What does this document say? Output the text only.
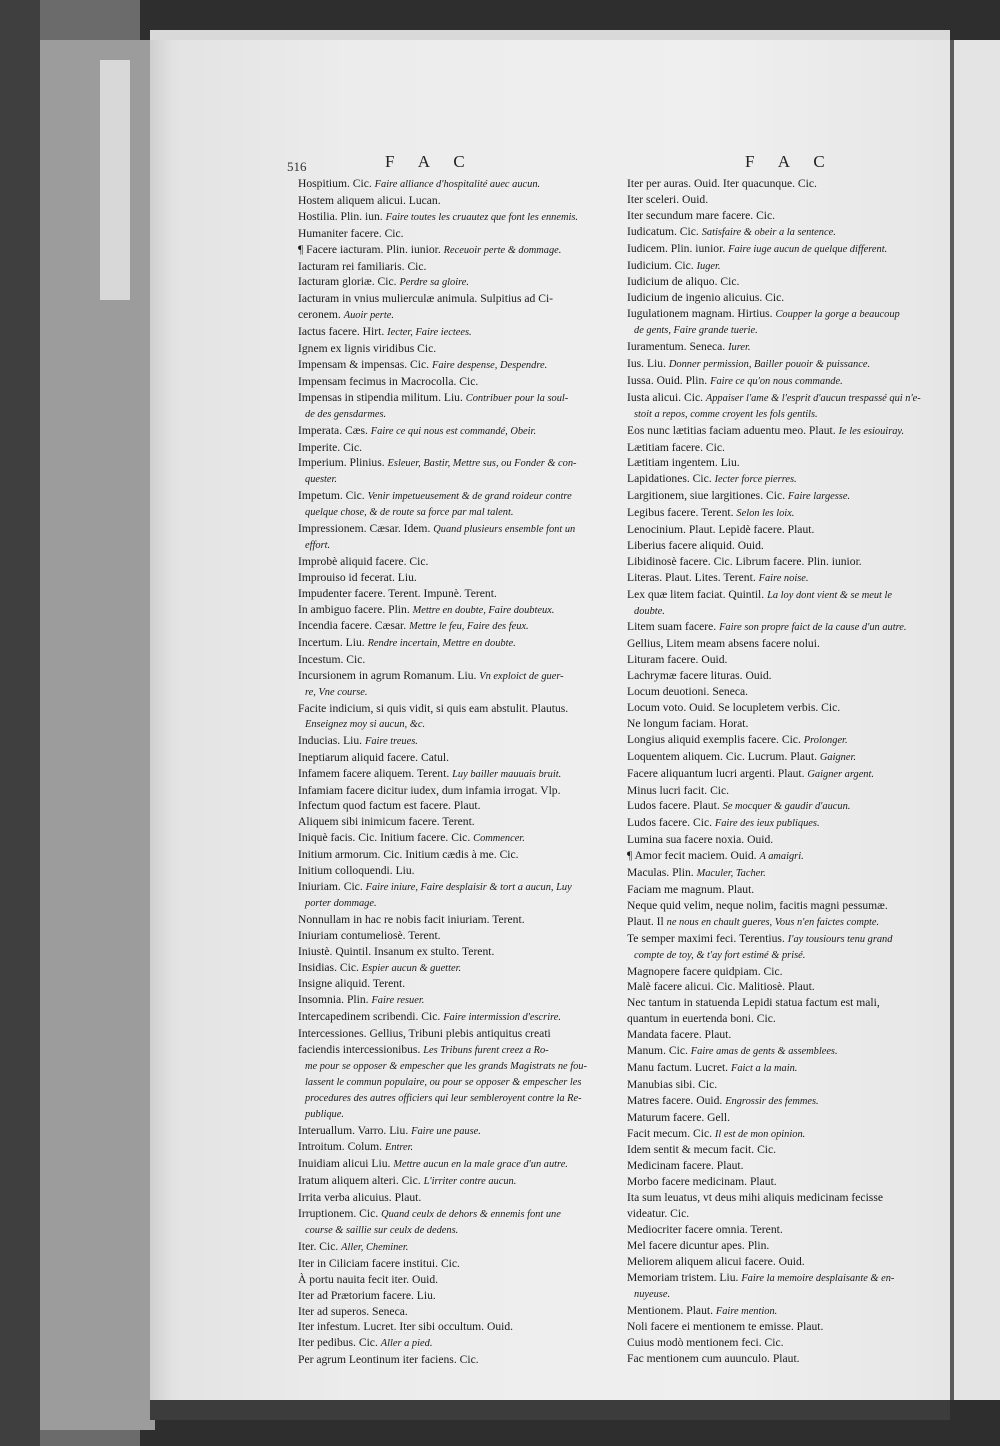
516	F A C	F A C
Hospitium. Cic. Faire alliance d'hospitalité auec aucun.
Hostem aliquem alicui. Lucan.
Hostilia. Plin. iun. Faire toutes les cruautez que font les ennemis.
Humaniter facere. Cic.
¶ Facere iacturam. Plin. iunior. Receuoir perte & dommage.
Iacturam rei familiaris. Cic.
Iacturam gloriæ. Cic. Perdre sa gloire.
Iacturam in vnius mulierculæ animula. Sulpitius ad Ci-
ceronem. Auoir perte.
Iactus facere. Hirt. Iecter, Faire iectees.
Ignem ex lignis viridibus Cic.
Impensam & impensas. Cic. Faire despense, Despendre.
Impensam fecimus in Macrocolla. Cic.
Impensas in stipendia militum. Liu. Contribuer pour la soul-
de des gensdarmes.
Imperata. Cæs. Faire ce qui nous est commandé, Obeir.
Imperite. Cic.
Imperium. Plinius. Esleuer, Bastir, Mettre sus, ou Fonder & con-
quester.
Impetum. Cic. Venir impetueusement & de grand roideur contre
quelque chose, & de route sa force par mal talent.
Impressionem. Cæsar. Idem. Quand plusieurs ensemble font un
effort.
Improbè aliquid facere. Cic.
Improuiso id fecerat. Liu.
Impudenter facere. Terent. Impunè. Terent.
In ambiguo facere. Plin. Mettre en doubte, Faire doubteux.
Incendia facere. Cæsar. Mettre le feu, Faire des feux.
Incertum. Liu. Rendre incertain, Mettre en doubte.
Incestum. Cic.
Incursionem in agrum Romanum. Liu. Vn exploict de guer-
re, Vne course.
Facite indicium, si quis vidit, si quis eam abstulit. Plautus.
Enseignez moy si aucun, &c.
Inducias. Liu. Faire treues.
Ineptiarum aliquid facere. Catul.
Infamem facere aliquem. Terent. Luy bailler mauuais bruit.
Infamiam facere dicitur iudex, dum infamia irrogat. Vlp.
Infectum quod factum est facere. Plaut.
Aliquem sibi inimicum facere. Terent.
Iniquè facis. Cic. Initium facere. Cic. Commencer.
Initium armorum. Cic. Initium cædis à me. Cic.
Initium colloquendi. Liu.
Iniuriam. Cic. Faire iniure, Faire desplaisir & tort a aucun, Luy
porter dommage.
Nonnullam in hac re nobis facit iniuriam. Terent.
Iniuriam contumeliosè. Terent.
Iniustè. Quintil. Insanum ex stulto. Terent.
Insidias. Cic. Espier aucun & guetter.
Insigne aliquid. Terent.
Insomnia. Plin. Faire resuer.
Intercapedinem scribendi. Cic. Faire intermission d'escrire.
Intercessiones. Gellius, Tribuni plebis antiquitus creati
faciendis intercessionibus. Les Tribuns furent creez a Ro-
me pour se opposer & empescher que les grands Magistrats ne fou-
lassent le commun populaire, ou pour se opposer & empescher les
procedures des autres officiers qui leur sembleroyent contre la Re-
publique.
Interuallum. Varro. Liu. Faire une pause.
Introitum. Colum. Entrer.
Inuidiam alicui Liu. Mettre aucun en la male grace d'un autre.
Iratum aliquem alteri. Cic. L'irriter contre aucun.
Irrita verba alicuius. Plaut.
Irruptionem. Cic. Quand ceulx de dehors & ennemis font une
course & saillie sur ceulx de dedens.
Iter. Cic. Aller, Cheminer.
Iter in Ciliciam facere institui. Cic.
À portu nauita fecit iter. Ouid.
Iter ad Prætorium facere. Liu.
Iter ad superos. Seneca.
Iter infestum. Lucret. Iter sibi occultum. Ouid.
Iter pedibus. Cic. Aller a pied.
Per agrum Leontinum iter faciens. Cic.
Iter per auras. Ouid. Iter quacunque. Cic.
Iter sceleri. Ouid.
Iter secundum mare facere. Cic.
Iudicatum. Cic. Satisfaire & obeir a la sentence.
Iudicem. Plin. iunior. Faire iuge aucun de quelque different.
Iudicium. Cic. Iuger.
Iudicium de aliquo. Cic.
Iudicium de ingenio alicuius. Cic.
Iugulationem magnam. Hirtius. Coupper la gorge a beaucoup
de gents, Faire grande tuerie.
Iuramentum. Seneca. Iurer.
Ius. Liu. Donner permission, Bailler pouoir & puissance.
Iussa. Ouid. Plin. Faire ce qu'on nous commande.
Iusta alicui. Cic. Appaiser l'ame & l'esprit d'aucun trespassé qui n'e-
stoit a repos, comme croyent les fols gentils.
Eos nunc lætitias faciam aduentu meo. Plaut. Ie les esiouiray.
Lætitiam facere. Cic.
Lætitiam ingentem. Liu.
Lapidationes. Cic. Iecter force pierres.
Largitionem, siue largitiones. Cic. Faire largesse.
Legibus facere. Terent. Selon les loix.
Lenocinium. Plaut. Lepidè facere. Plaut.
Liberius facere aliquid. Ouid.
Libidinosè facere. Cic. Librum facere. Plin. iunior.
Literas. Plaut. Lites. Terent. Faire noise.
Lex quæ litem faciat. Quintil. La loy dont vient & se meut le
doubte.
Litem suam facere. Faire son propre faict de la cause d'un autre.
Gellius, Litem meam absens facere nolui.
Lituram facere. Ouid.
Lachrymæ facere lituras. Ouid.
Locum deuotioni. Seneca.
Locum voto. Ouid. Se locupletem verbis. Cic.
Ne longum faciam. Horat.
Longius aliquid exemplis facere. Cic. Prolonger.
Loquentem aliquem. Cic. Lucrum. Plaut. Gaigner.
Facere aliquantum lucri argenti. Plaut. Gaigner argent.
Minus lucri facit. Cic.
Ludos facere. Plaut. Se mocquer & gaudir d'aucun.
Ludos facere. Cic. Faire des ieux publiques.
Lumina sua facere noxia. Ouid.
¶ Amor fecit maciem. Ouid. A amaigri.
Maculas. Plin. Maculer, Tacher.
Faciam me magnum. Plaut.
Neque quid velim, neque nolim, facitis magni pessumæ.
Plaut. Il ne nous en chault gueres, Vous n'en faictes compte.
Te semper maximi feci. Terentius. I'ay tousiours tenu grand
compte de toy, & t'ay fort estimé & prisé.
Magnopere facere quidpiam. Cic.
Malè facere alicui. Cic. Malitiosè. Plaut.
Nec tantum in statuenda Lepidi statua factum est mali,
quantum in euertenda boni. Cic.
Mandata facere. Plaut.
Manum. Cic. Faire amas de gents & assemblees.
Manu factum. Lucret. Faict a la main.
Manubias sibi. Cic.
Matres facere. Ouid. Engrossir des femmes.
Maturum facere. Gell.
Facit mecum. Cic. Il est de mon opinion.
Idem sentit & mecum facit. Cic.
Medicinam facere. Plaut.
Morbo facere medicinam. Plaut.
Ita sum leuatus, vt deus mihi aliquis medicinam fecisse
videatur. Cic.
Mediocriter facere omnia. Terent.
Mel facere dicuntur apes. Plin.
Meliorem aliquem alicui facere. Ouid.
Memoriam tristem. Liu. Faire la memoire desplaisante & en-
nuyeuse.
Mentionem. Plaut. Faire mention.
Noli facere ei mentionem te emisse. Plaut.
Cuius modò mentionem feci. Cic.
Fac mentionem cum auunculo. Plaut.
